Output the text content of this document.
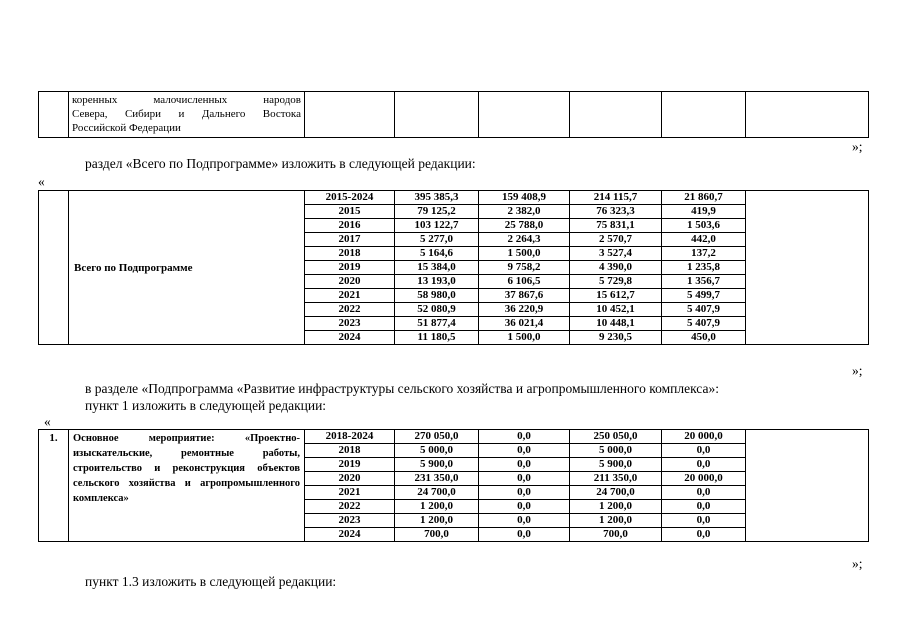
коренных малочисленных народов
Севера, Сибири и Дальнего Востока
Российской Федерации

»;
раздел «Всего по Подпрограмме» изложить в следующей редакции:
«

	Всего по Подпрограмме	2015-2024	395 385,3	159 408,9	214 115,7	21 860,7	
		2015	79 125,2	2 382,0	76 323,3	419,9	
		2016	103 122,7	25 788,0	75 831,1	1 503,6	
		2017	5 277,0	2 264,3	2 570,7	442,0	
		2018	5 164,6	1 500,0	3 527,4	137,2	
		2019	15 384,0	9 758,2	4 390,0	1 235,8	
		2020	13 193,0	6 106,5	5 729,8	1 356,7	
		2021	58 980,0	37 867,6	15 612,7	5 499,7	
		2022	52 080,9	36 220,9	10 452,1	5 407,9	
		2023	51 877,4	36 021,4	10 448,1	5 407,9	
		2024	11 180,5	1 500,0	9 230,5	450,0	
»;
в разделе «Подпрограмма «Развитие инфраструктуры сельского хозяйства и агропромышленного комплекса»:
пункт 1 изложить в следующей редакции:
«
1.	Основное мероприятие: «Проектно-изыскательские, ремонтные работы, строительство и реконструкция объектов сельского хозяйства и агропромышленного комплекса»	2018-2024	270 050,0	0,0	250 050,0	20 000,0	
		2018	5 000,0	0,0	5 000,0	0,0	
		2019	5 900,0	0,0	5 900,0	0,0	
		2020	231 350,0	0,0	211 350,0	20 000,0	
		2021	24 700,0	0,0	24 700,0	0,0	
		2022	1 200,0	0,0	1 200,0	0,0	
		2023	1 200,0	0,0	1 200,0	0,0	
		2024	700,0	0,0	700,0	0,0	
»;
пункт 1.3 изложить в следующей редакции:
